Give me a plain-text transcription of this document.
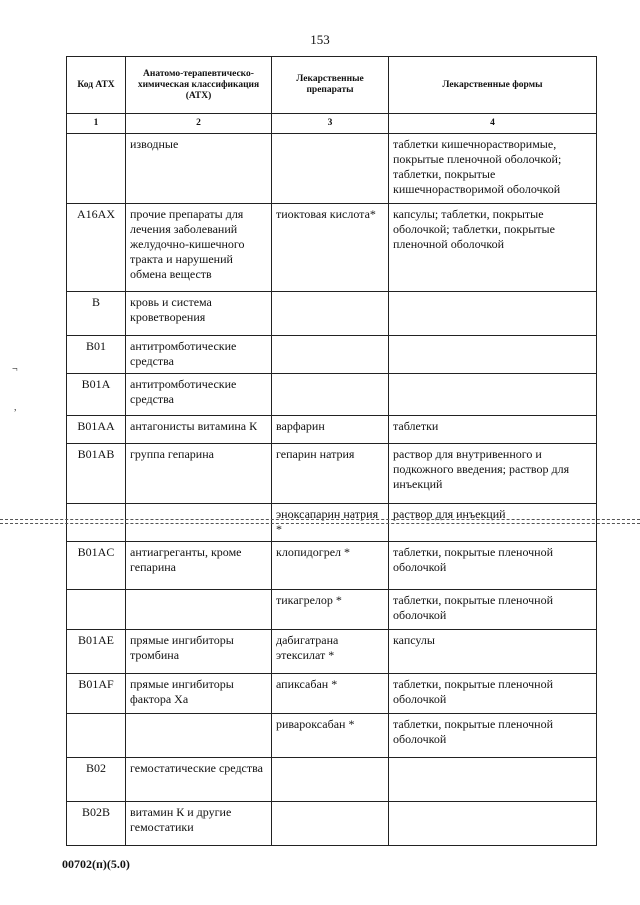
153
Код АТХ	Анатомо-терапевтическо-химическая классификация (АТХ)	Лекарственные препараты	Лекарственные формы
1	2	3	4
	изводные		таблетки кишечнорастворимые, покрытые пленочной оболочкой; таблетки, покрытые кишечнорастворимой оболочкой
A16AX	прочие препараты для лечения заболеваний желудочно-кишечного тракта и нарушений обмена веществ	тиоктовая кислота*	капсулы; таблетки, покрытые оболочкой; таблетки, покрытые пленочной оболочкой
B	кровь и система кроветворения		
B01	антитромботические средства		
B01A	антитромботические средства		
B01AA	антагонисты витамина К	варфарин	таблетки
B01AB	группа гепарина	гепарин натрия	раствор для внутривенного и подкожного введения; раствор для инъекций
		эноксапарин натрия *	раствор для инъекций
B01AC	антиагреганты, кроме гепарина	клопидогрел *	таблетки, покрытые пленочной оболочкой
		тикагрелор *	таблетки, покрытые пленочной оболочкой
B01AE	прямые ингибиторы тромбина	дабигатрана этексилат *	капсулы
B01AF	прямые ингибиторы фактора Ха	апиксабан *	таблетки, покрытые пленочной оболочкой
		ривароксабан *	таблетки, покрытые пленочной оболочкой
B02	гемостатические средства		
B02B	витамин К и другие гемостатики		
¬
,
00702(п)(5.0)
